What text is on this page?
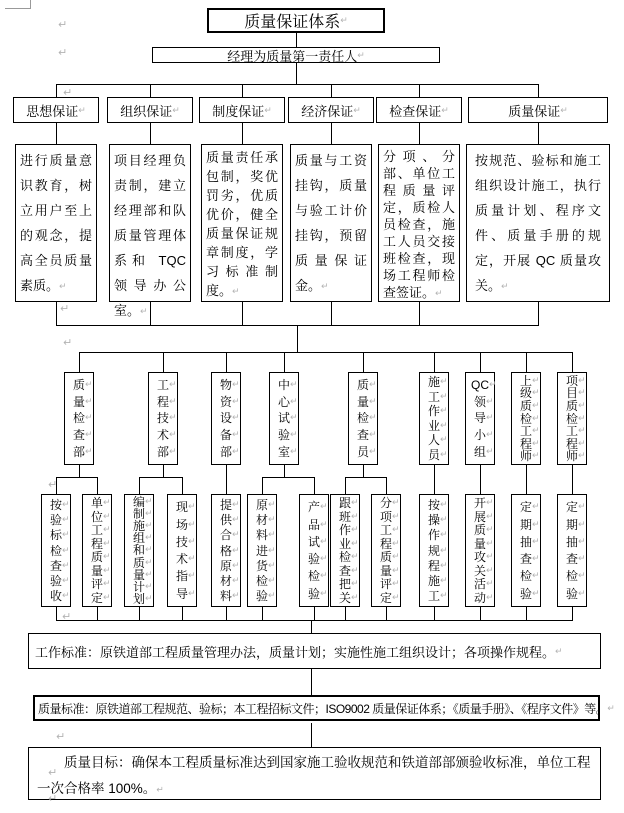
质量保证体系 ↵
经理为质量第一责任人 ↵
思想保证 ↵	组织保证 ↵ 制度保证 ↵ 经济保证 ↵ 检查保证 ↵	质量保证 ↵
进行质量意识教育，树立用户至上的观念，提高全员质量素质。↵
项目经理负责制，建立经理部和队质量管理体系和 TQC 领导办公室。↵
质量责任承包制，奖优罚劣，优质优价，健全质量保证规章制度，学习标准制度。↵
质量与工资挂钩，质量与验工计价挂钩，预留质量保证金。↵
分项、分部、单位工程质量评定，质检人员检查，施工人员交接班检查，现场工程师检查签证。↵
按规范、验标和施工组织设计施工，执行质量计划、程序文件、质量手册的规定，开展 QC 质量攻关。↵
质 ↵
量 ↵
检 ↵
查 ↵
部 ↵
工 ↵
程 ↵
技 ↵
术 ↵
部 ↵
物 ↵
资 ↵
设 ↵
备 ↵
部 ↵
中 ↵
心 ↵
试 ↵
验 ↵
室 ↵
质 ↵
量 ↵
检 ↵
查 ↵
员 ↵
施 ↵
工 ↵
作 ↵
业 ↵
人 ↵
员 ↵
QC ↵
领 ↵
导 ↵
小 ↵
组 ↵
上 ↵
级 ↵
质 ↵
检 ↵
工 ↵
程 ↵
师 ↵
项 ↵
目 ↵
质 ↵
检 ↵
工 ↵
程 ↵
师 ↵
按 ↵
验 ↵
标 ↵
检 ↵
查 ↵
验 ↵
收 ↵
单 ↵
位 ↵
工 ↵
程 ↵
质 ↵
量 ↵
评 ↵
定 ↵
编 ↵
制 ↵
施 ↵
组 ↵
和 ↵
质 ↵
量 ↵
计 ↵
划 ↵
现 ↵
场 ↵
技 ↵
术 ↵
指 ↵
导 ↵
提 ↵
供 ↵
合 ↵
格 ↵
原 ↵
材 ↵
料 ↵
原 ↵
材 ↵
料 ↵
进 ↵
货 ↵
检 ↵
验 ↵
产 ↵
品 ↵
试 ↵
验 ↵
检 ↵
验 ↵
跟 ↵
班 ↵
作 ↵
业 ↵
检 ↵
查 ↵
把 ↵
关 ↵
分 ↵
项 ↵
工 ↵
程 ↵
质 ↵
量 ↵
评 ↵
定 ↵
按 ↵
操 ↵
作 ↵
规 ↵
程 ↵
施 ↵
工 ↵
开 ↵
展 ↵
质 ↵
量 ↵
攻 ↵
关 ↵
活 ↵
动 ↵
定 ↵
期 ↵
抽 ↵
查 ↵
检 ↵
验 ↵
定 ↵
期 ↵
抽 ↵
查 ↵
检 ↵
验 ↵
工作标准：原铁道部工程质量管理办法，质量计划；实施性施工组织设计；各项操作规程。 ↵
质量标准：原铁道部工程规范、验标；本工程招标文件；ISO9002 质量保证体系；《质量手册》、《程序文件》等。 ↵
质量目标：确保本工程质量标准达到国家施工验收规范和铁道部部颁验收标准，单位工程一次合格率 100%。↵
↵
↵
↵
↵
↵
↵
↵
↵
↵
↵
